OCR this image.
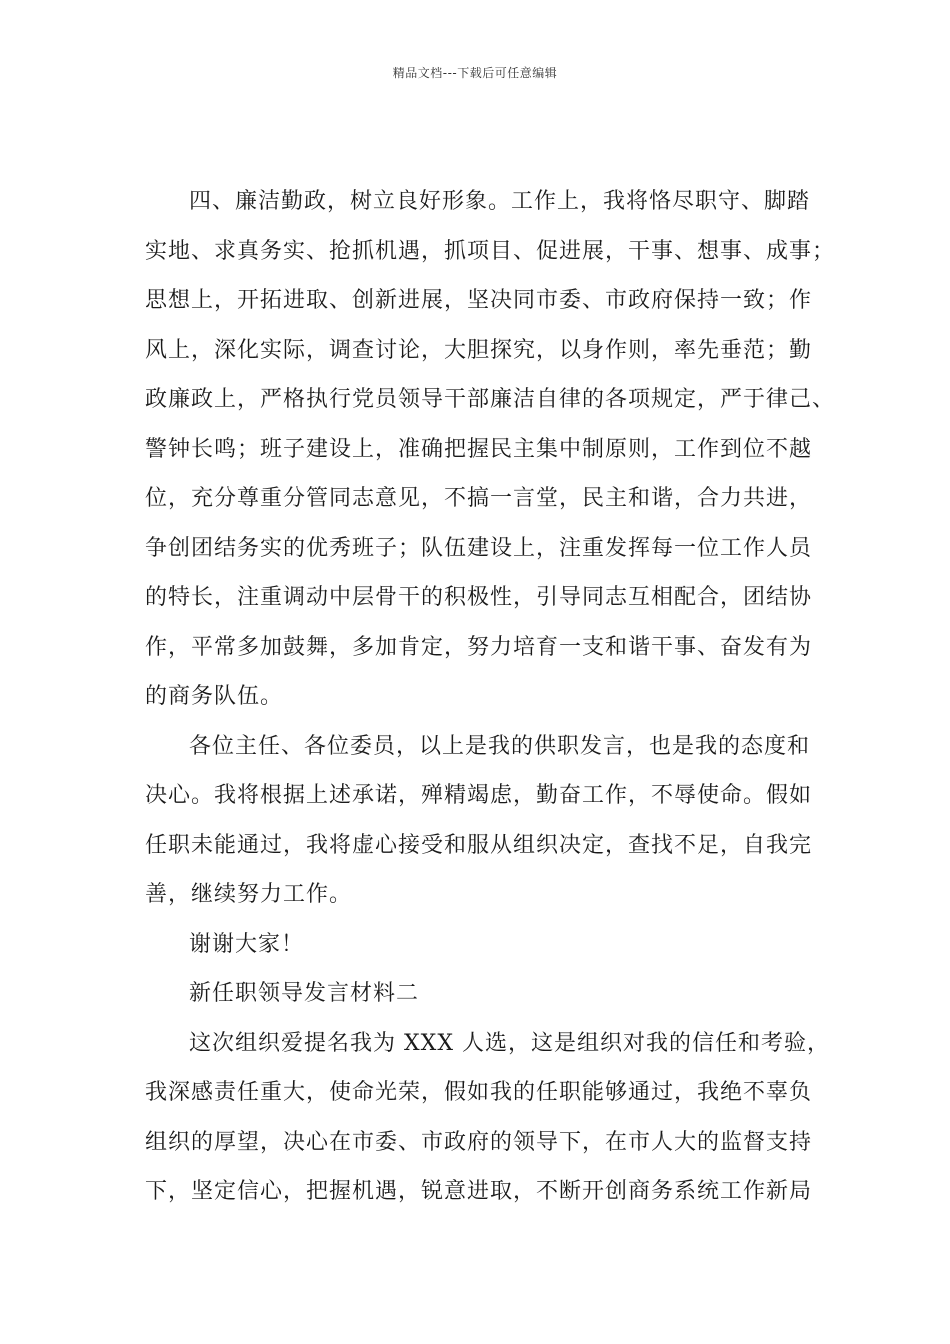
精品文档---下载后可任意编辑
四、廉洁勤政，树立良好形象。工作上，我将恪尽职守、脚踏
实地、求真务实、抢抓机遇，抓项目、促进展，干事、想事、成事；
思想上，开拓进取、创新进展，坚决同市委、市政府保持一致；作
风上，深化实际，调查讨论，大胆探究，以身作则，率先垂范；勤
政廉政上，严格执行党员领导干部廉洁自律的各项规定，严于律己、
警钟长鸣；班子建设上，准确把握民主集中制原则，工作到位不越
位，充分尊重分管同志意见，不搞一言堂，民主和谐，合力共进，
争创团结务实的优秀班子；队伍建设上，注重发挥每一位工作人员
的特长，注重调动中层骨干的积极性，引导同志互相配合，团结协
作，平常多加鼓舞，多加肯定，努力培育一支和谐干事、奋发有为
的商务队伍。
各位主任、各位委员，以上是我的供职发言，也是我的态度和
决心。我将根据上述承诺，殚精竭虑，勤奋工作，不辱使命。假如
任职未能通过，我将虚心接受和服从组织决定，查找不足，自我完
善，继续努力工作。
谢谢大家！
新任职领导发言材料二
这次组织爱提名我为 XXX 人选，这是组织对我的信任和考验，
我深感责任重大，使命光荣，假如我的任职能够通过，我绝不辜负
组织的厚望，决心在市委、市政府的领导下，在市人大的监督支持
下，坚定信心，把握机遇，锐意进取，不断开创商务系统工作新局
